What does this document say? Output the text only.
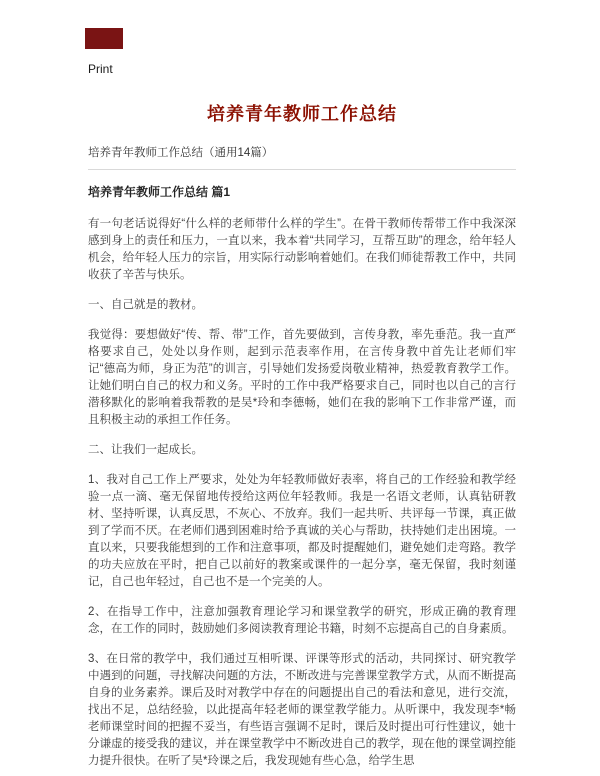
Print
培养青年教师工作总结
培养青年教师工作总结（通用14篇）
培养青年教师工作总结 篇1

有一句老话说得好“什么样的老师带什么样的学生”。在骨干教师传帮带工作中我深深感到身上的责任和压力，一直以来，我本着“共同学习，互帮互助”的理念，给年轻人机会，给年轻人压力的宗旨，用实际行动影响着她们。在我们师徒帮教工作中，共同收获了辛苦与快乐。

一、自己就是的教材。

我觉得：要想做好“传、帮、带”工作，首先要做到，言传身教，率先垂范。我一直严格要求自己，处处以身作则，起到示范表率作用，在言传身教中首先让老师们牢记“德高为师，身正为范”的训言，引导她们发扬爱岗敬业精神，热爱教育教学工作。让她们明白自己的权力和义务。平时的工作中我严格要求自己，同时也以自己的言行潜移默化的影响着我帮教的是吴*玲和李德畅，她们在我的影响下工作非常严谨，而且积极主动的承担工作任务。

二、让我们一起成长。

1、我对自己工作上严要求，处处为年轻教师做好表率，将自己的工作经验和教学经验一点一滴、毫无保留地传授给这两位年轻教师。我是一名语文老师，认真钻研教材、坚持听课，认真反思，不灰心、不放弃。我们一起共听、共评每一节课，真正做到了学而不厌。在老师们遇到困难时给予真诚的关心与帮助，扶持她们走出困境。一直以来，只要我能想到的工作和注意事项，都及时提醒她们，避免她们走弯路。教学的功夫应放在平时，把自己以前好的教案或课件的一起分享，毫无保留，我时刻谨记，自己也年轻过，自己也不是一个完美的人。

2、在指导工作中，注意加强教育理论学习和课堂教学的研究，形成正确的教育理念，在工作的同时，鼓励她们多阅读教育理论书籍，时刻不忘提高自己的自身素质。

3、在日常的教学中，我们通过互相听课、评课等形式的活动，共同探讨、研究教学中遇到的问题，寻找解决问题的方法，不断改进与完善课堂教学方式，从而不断提高自身的业务素养。课后及时对教学中存在的问题提出自己的看法和意见，进行交流，找出不足，总结经验，以此提高年轻老师的课堂教学能力。从听课中，我发现李*畅老师课堂时间的把握不妥当，有些语言强调不足时，课后及时提出可行性建议，她十分谦虚的接受我的建议，并在课堂教学中不断改进自己的教学，现在他的课堂调控能力提升很快。在听了吴*玲课之后，我发现她有些心急，给学生思
